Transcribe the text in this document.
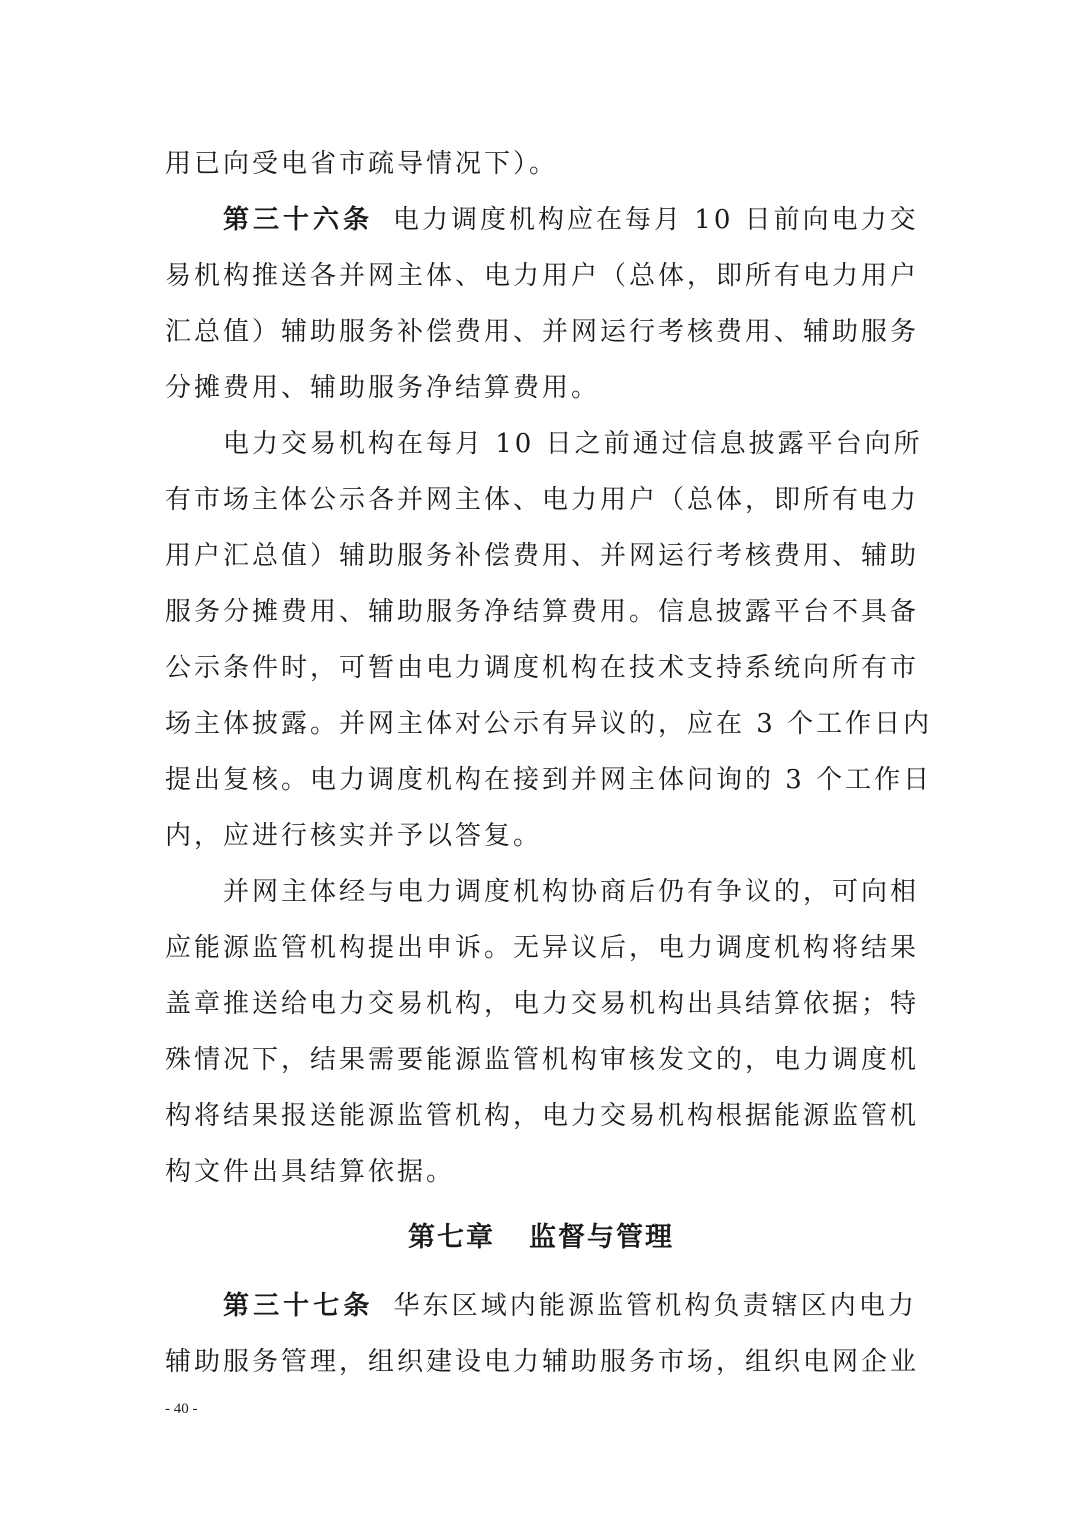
用已向受电省市疏导情况下）。
第三十六条 电力调度机构应在每月 10 日前向电力交
易机构推送各并网主体、电力用户（总体，即所有电力用户
汇总值）辅助服务补偿费用、并网运行考核费用、辅助服务
分摊费用、辅助服务净结算费用。
电力交易机构在每月 10 日之前通过信息披露平台向所
有市场主体公示各并网主体、电力用户（总体，即所有电力
用户汇总值）辅助服务补偿费用、并网运行考核费用、辅助
服务分摊费用、辅助服务净结算费用。信息披露平台不具备
公示条件时，可暂由电力调度机构在技术支持系统向所有市
场主体披露。并网主体对公示有异议的，应在 3 个工作日内
提出复核。电力调度机构在接到并网主体问询的 3 个工作日
内，应进行核实并予以答复。
并网主体经与电力调度机构协商后仍有争议的，可向相
应能源监管机构提出申诉。无异议后，电力调度机构将结果
盖章推送给电力交易机构，电力交易机构出具结算依据；特
殊情况下，结果需要能源监管机构审核发文的，电力调度机
构将结果报送能源监管机构，电力交易机构根据能源监管机
构文件出具结算依据。
第七章 监督与管理
第三十七条 华东区域内能源监管机构负责辖区内电力
辅助服务管理，组织建设电力辅助服务市场，组织电网企业
- 40 -
